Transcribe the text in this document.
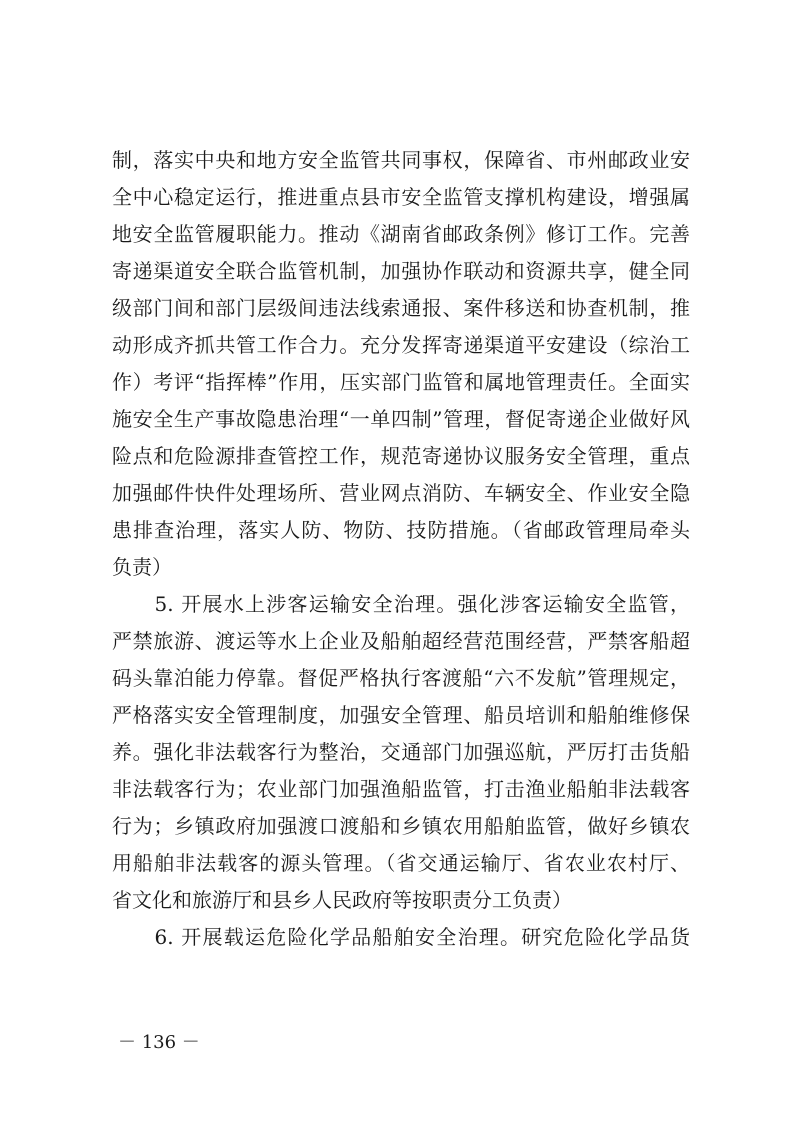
制，落实中央和地方安全监管共同事权，保障省、市州邮政业安
全中心稳定运行，推进重点县市安全监管支撑机构建设，增强属
地安全监管履职能力。推动《湖南省邮政条例》修订工作。完善
寄递渠道安全联合监管机制，加强协作联动和资源共享，健全同
级部门间和部门层级间违法线索通报、案件移送和协查机制，推
动形成齐抓共管工作合力。充分发挥寄递渠道平安建设（综治工
作）考评“指挥棒”作用，压实部门监管和属地管理责任。全面实
施安全生产事故隐患治理“一单四制”管理，督促寄递企业做好风
险点和危险源排查管控工作，规范寄递协议服务安全管理，重点
加强邮件快件处理场所、营业网点消防、车辆安全、作业安全隐
患排查治理，落实人防、物防、技防措施。（省邮政管理局牵头
负责）
　　5. 开展水上涉客运输安全治理。强化涉客运输安全监管，
严禁旅游、渡运等水上企业及船舶超经营范围经营，严禁客船超
码头靠泊能力停靠。督促严格执行客渡船“六不发航”管理规定，
严格落实安全管理制度，加强安全管理、船员培训和船舶维修保
养。强化非法载客行为整治，交通部门加强巡航，严厉打击货船
非法载客行为；农业部门加强渔船监管，打击渔业船舶非法载客
行为；乡镇政府加强渡口渡船和乡镇农用船舶监管，做好乡镇农
用船舶非法载客的源头管理。（省交通运输厅、省农业农村厅、
省文化和旅游厅和县乡人民政府等按职责分工负责）
　　6. 开展载运危险化学品船舶安全治理。研究危险化学品货
－ 136 －
